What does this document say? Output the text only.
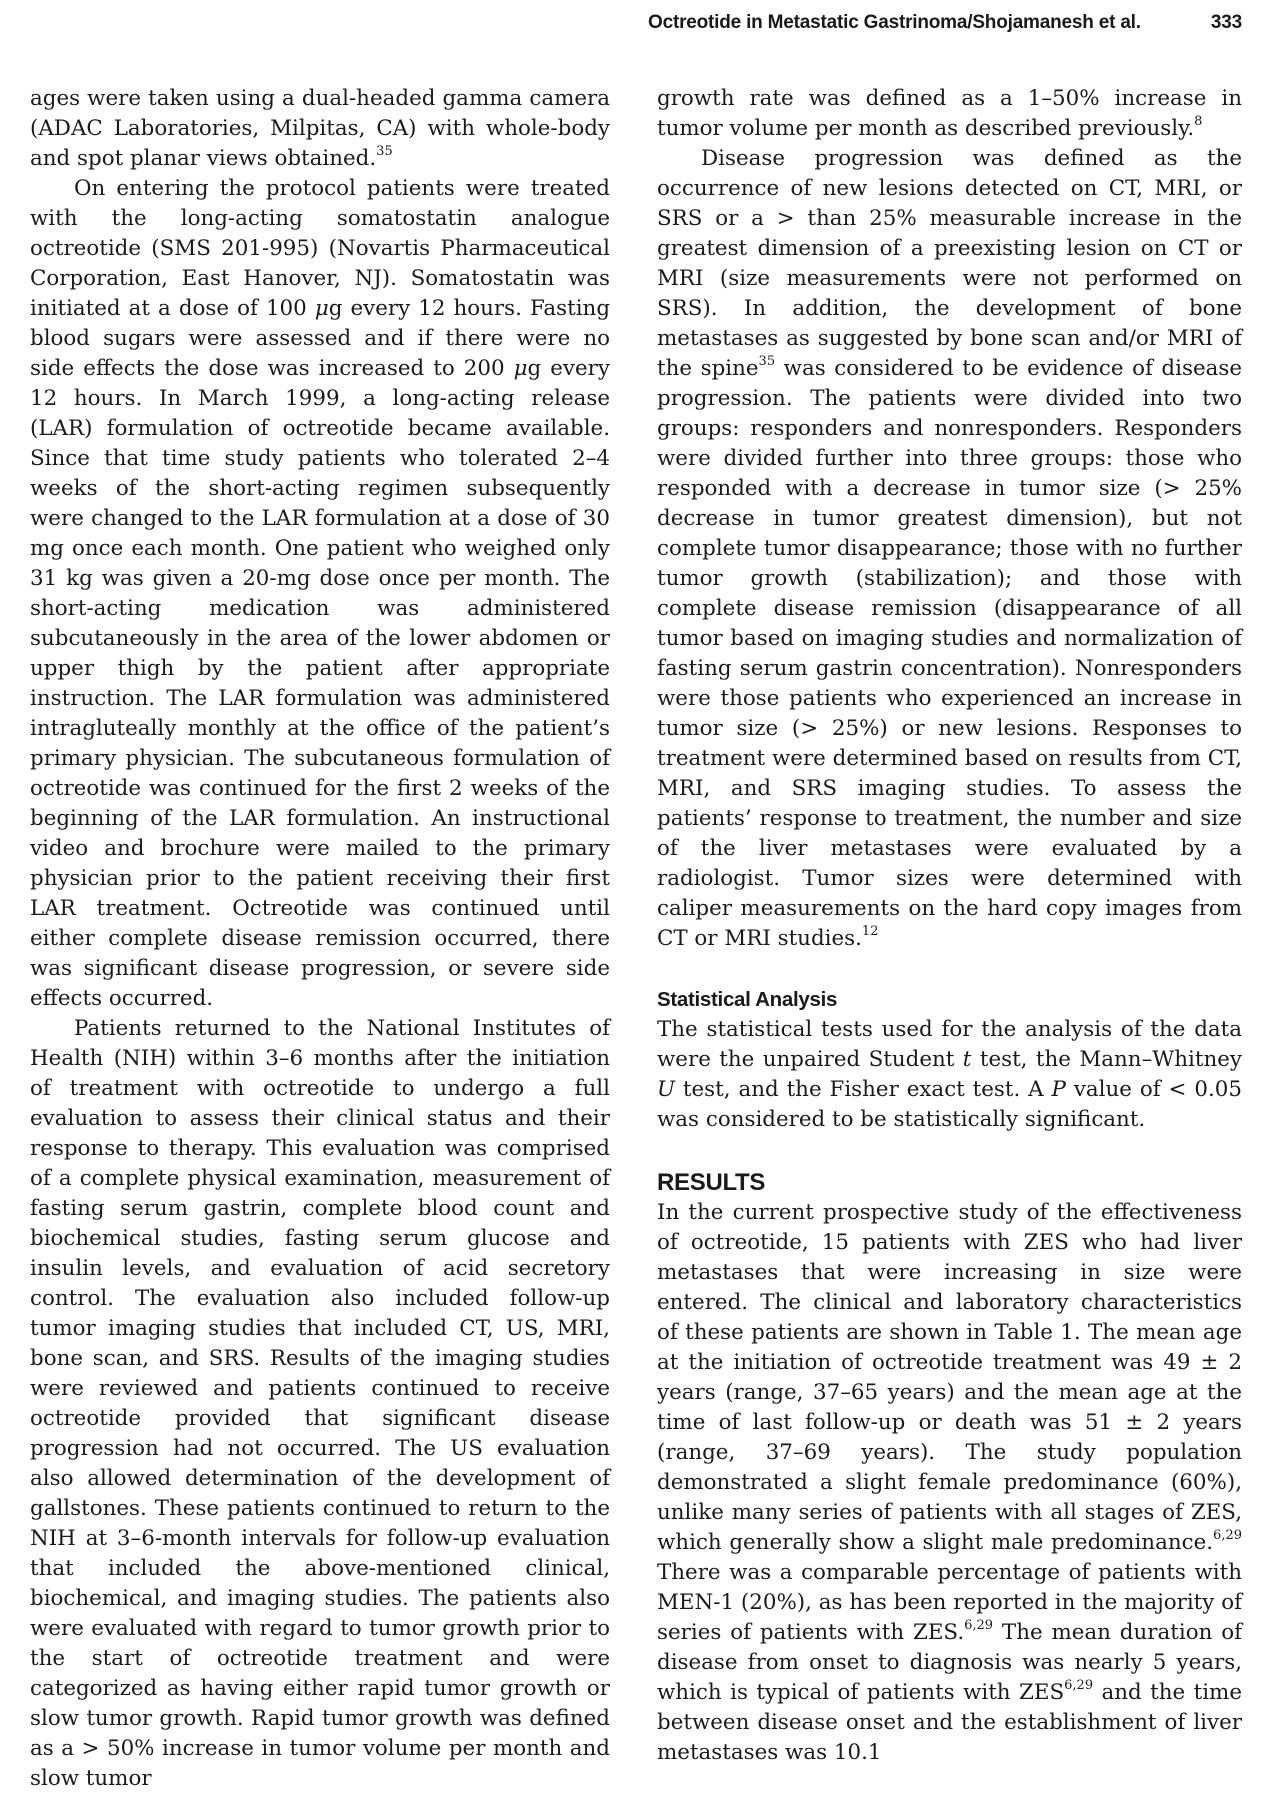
Octreotide in Metastatic Gastrinoma/Shojamanesh et al.	333

ages were taken using a dual-headed gamma camera (ADAC Laboratories, Milpitas, CA) with whole-body and spot planar views obtained.$^{35}$

On entering the protocol patients were treated with the long-acting somatostatin analogue octreotide (SMS 201-995) (Novartis Pharmaceutical Corporation, East Hanover, NJ). Somatostatin was initiated at a dose of 100 μg every 12 hours. Fasting blood sugars were assessed and if there were no side effects the dose was increased to 200 μg every 12 hours. In March 1999, a long-acting release (LAR) formulation of octreotide became available. Since that time study patients who tolerated 2–4 weeks of the short-acting regimen subsequently were changed to the LAR formulation at a dose of 30 mg once each month. One patient who weighed only 31 kg was given a 20-mg dose once per month. The short-acting medication was administered subcutaneously in the area of the lower abdomen or upper thigh by the patient after appropriate instruction. The LAR formulation was administered intragluteally monthly at the office of the patient’s primary physician. The subcutaneous formulation of octreotide was continued for the first 2 weeks of the beginning of the LAR formulation. An instructional video and brochure were mailed to the primary physician prior to the patient receiving their first LAR treatment. Octreotide was continued until either complete disease remission occurred, there was significant disease progression, or severe side effects occurred.

Patients returned to the National Institutes of Health (NIH) within 3–6 months after the initiation of treatment with octreotide to undergo a full evaluation to assess their clinical status and their response to therapy. This evaluation was comprised of a complete physical examination, measurement of fasting serum gastrin, complete blood count and biochemical studies, fasting serum glucose and insulin levels, and evaluation of acid secretory control. The evaluation also included follow-up tumor imaging studies that included CT, US, MRI, bone scan, and SRS. Results of the imaging studies were reviewed and patients continued to receive octreotide provided that significant disease progression had not occurred. The US evaluation also allowed determination of the development of gallstones. These patients continued to return to the NIH at 3–6-month intervals for follow-up evaluation that included the above-mentioned clinical, biochemical, and imaging studies. The patients also were evaluated with regard to tumor growth prior to the start of octreotide treatment and were categorized as having either rapid tumor growth or slow tumor growth. Rapid tumor growth was defined as a > 50% increase in tumor volume per month and slow tumor

growth rate was defined as a 1–50% increase in tumor volume per month as described previously.$^8$

Disease progression was defined as the occurrence of new lesions detected on CT, MRI, or SRS or a > than 25% measurable increase in the greatest dimension of a preexisting lesion on CT or MRI (size measurements were not performed on SRS). In addition, the development of bone metastases as suggested by bone scan and/or MRI of the spine$^{35}$ was considered to be evidence of disease progression. The patients were divided into two groups: responders and nonresponders. Responders were divided further into three groups: those who responded with a decrease in tumor size (> 25% decrease in tumor greatest dimension), but not complete tumor disappearance; those with no further tumor growth (stabilization); and those with complete disease remission (disappearance of all tumor based on imaging studies and normalization of fasting serum gastrin concentration). Nonresponders were those patients who experienced an increase in tumor size (> 25%) or new lesions. Responses to treatment were determined based on results from CT, MRI, and SRS imaging studies. To assess the patients’ response to treatment, the number and size of the liver metastases were evaluated by a radiologist. Tumor sizes were determined with caliper measurements on the hard copy images from CT or MRI studies.$^{12}$

Statistical Analysis

The statistical tests used for the analysis of the data were the unpaired Student t test, the Mann–Whitney U test, and the Fisher exact test. A P value of < 0.05 was considered to be statistically significant.

RESULTS

In the current prospective study of the effectiveness of octreotide, 15 patients with ZES who had liver metastases that were increasing in size were entered. The clinical and laboratory characteristics of these patients are shown in Table 1. The mean age at the initiation of octreotide treatment was 49 ± 2 years (range, 37–65 years) and the mean age at the time of last follow-up or death was 51 ± 2 years (range, 37–69 years). The study population demonstrated a slight female predominance (60%), unlike many series of patients with all stages of ZES, which generally show a slight male predominance.$^{6,29}$ There was a comparable percentage of patients with MEN-1 (20%), as has been reported in the majority of series of patients with ZES.$^{6,29}$ The mean duration of disease from onset to diagnosis was nearly 5 years, which is typical of patients with ZES$^{6,29}$ and the time between disease onset and the establishment of liver metastases was 10.1
